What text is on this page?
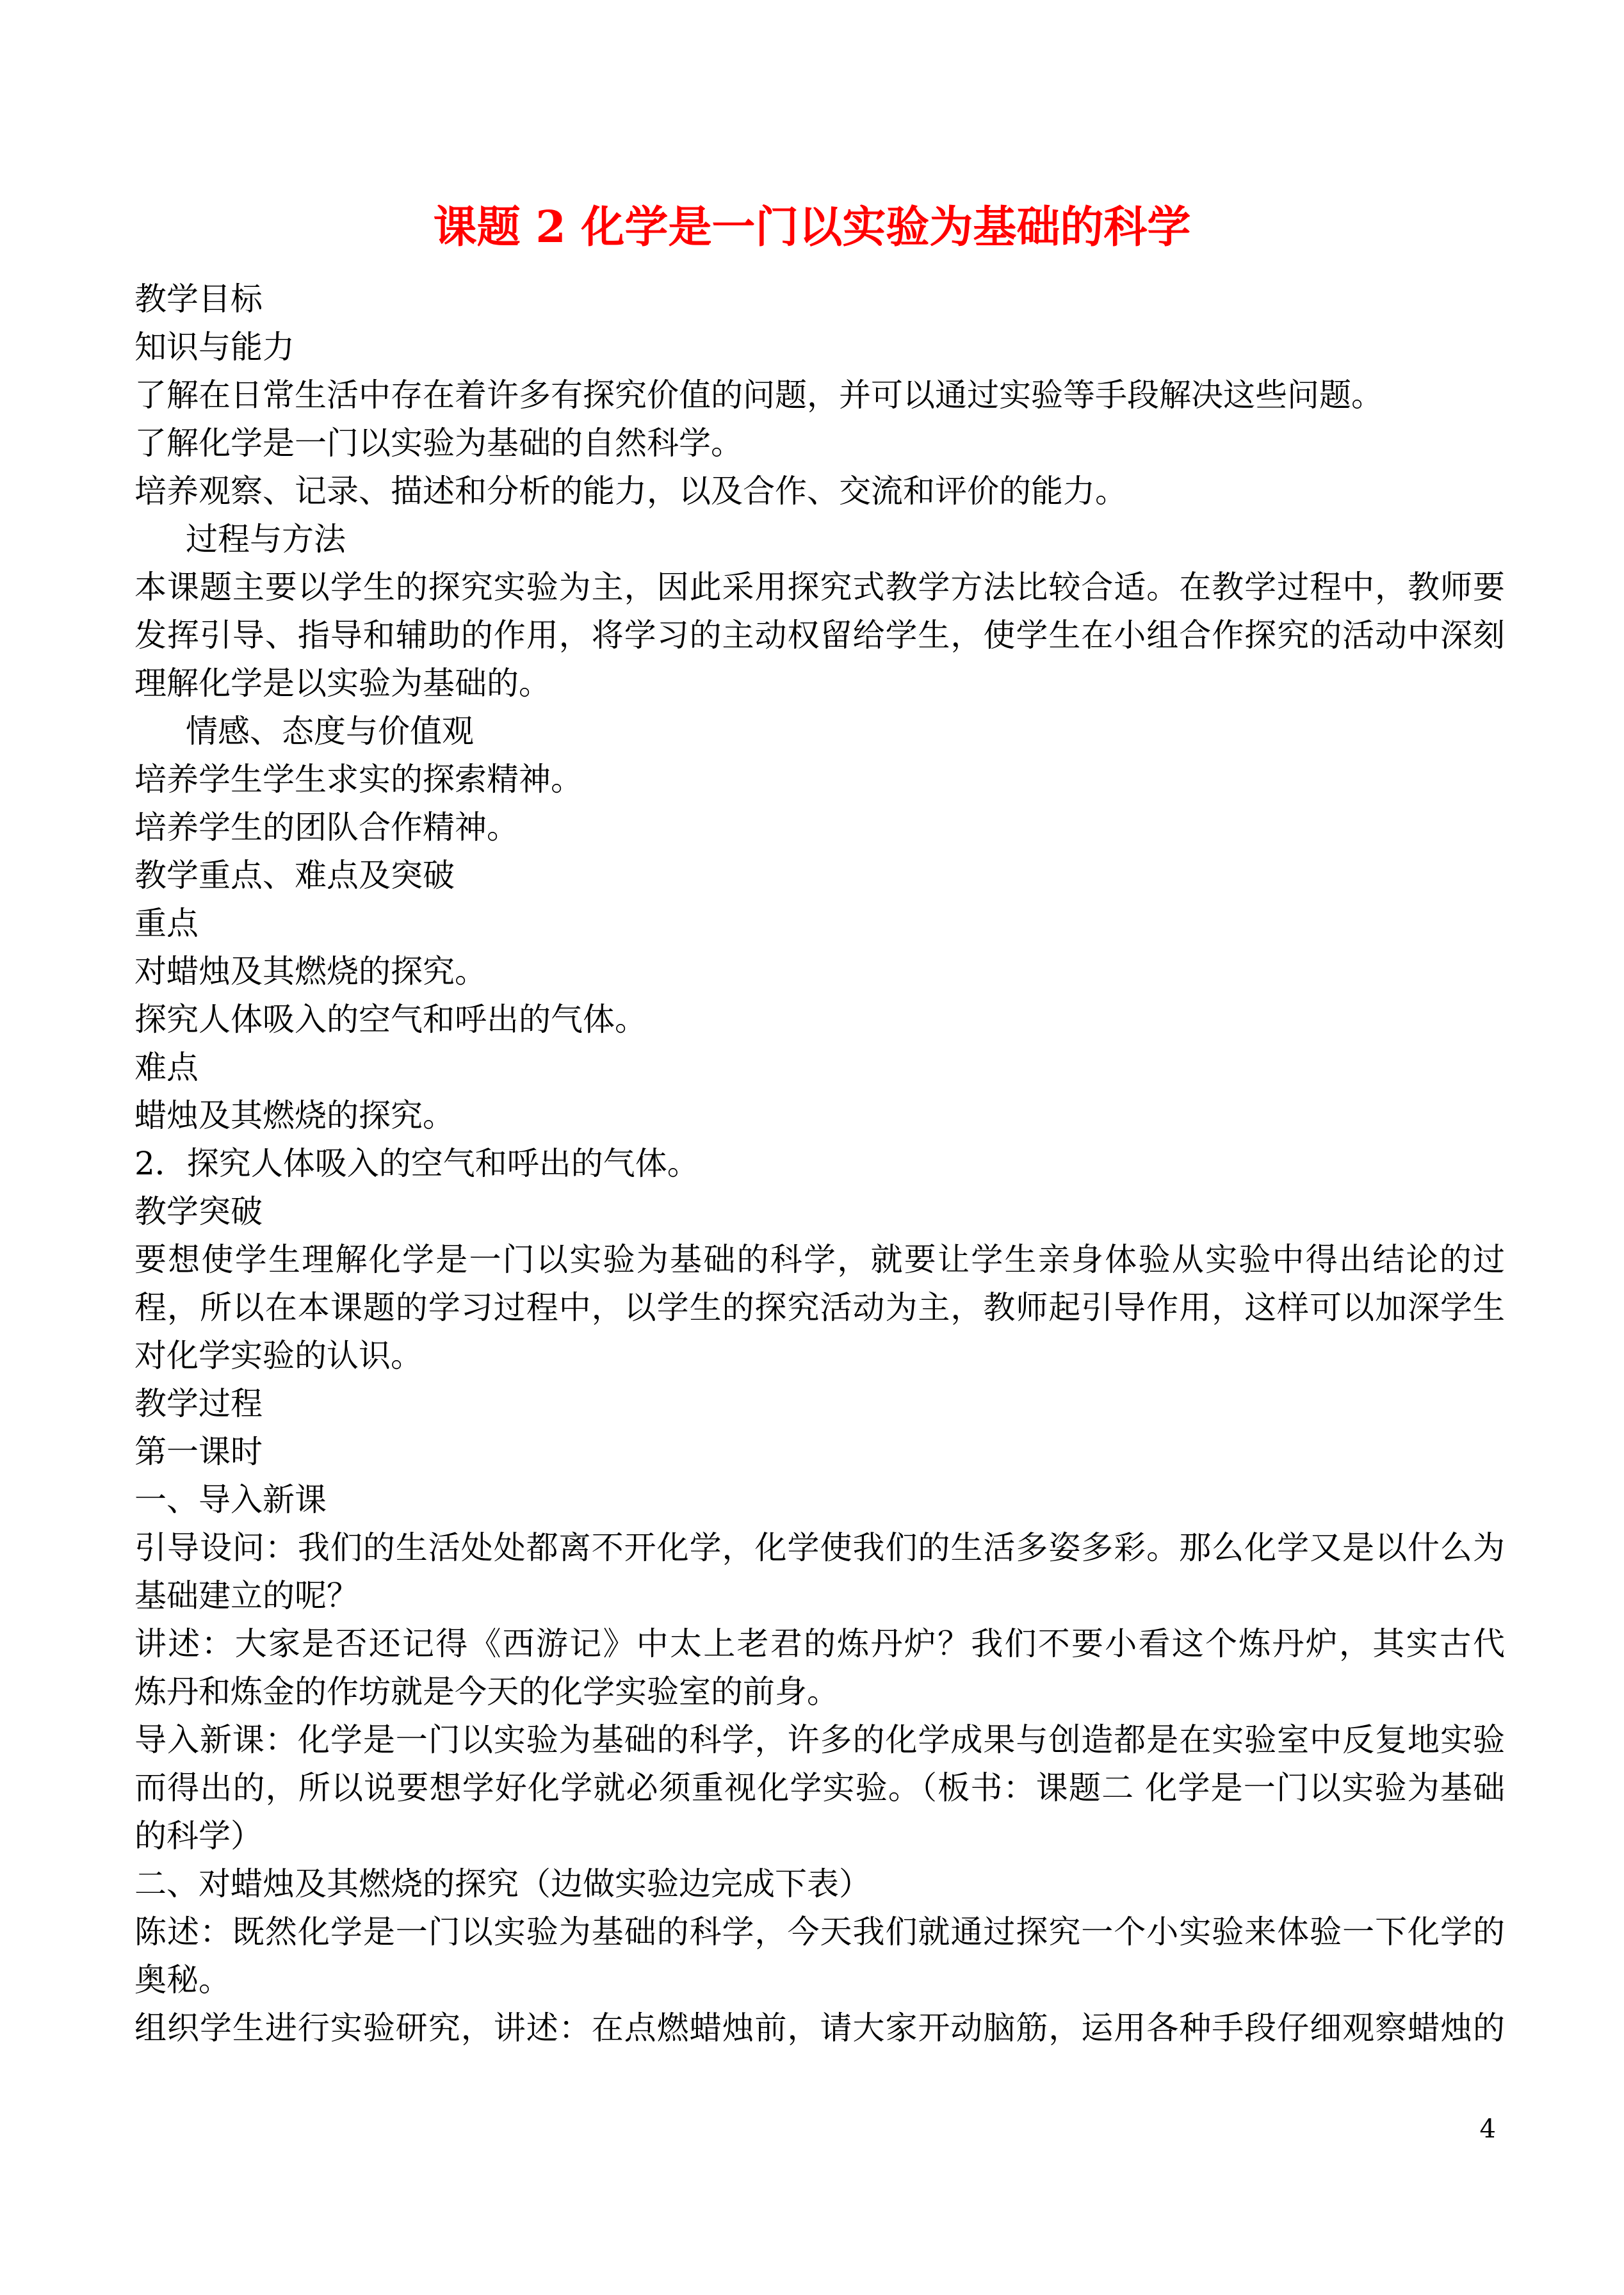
课题 2 化学是一门以实验为基础的科学
教学目标
知识与能力
了解在日常生活中存在着许多有探究价值的问题，并可以通过实验等手段解决这些问题。
了解化学是一门以实验为基础的自然科学。
培养观察、记录、描述和分析的能力，以及合作、交流和评价的能力。
过程与方法
本课题主要以学生的探究实验为主，因此采用探究式教学方法比较合适。在教学过程中，教师要
发挥引导、指导和辅助的作用，将学习的主动权留给学生，使学生在小组合作探究的活动中深刻
理解化学是以实验为基础的。
情感、态度与价值观
培养学生学生求实的探索精神。
培养学生的团队合作精神。
教学重点、难点及突破
重点
对蜡烛及其燃烧的探究。
探究人体吸入的空气和呼出的气体。
难点
蜡烛及其燃烧的探究。
2．探究人体吸入的空气和呼出的气体。
教学突破
要想使学生理解化学是一门以实验为基础的科学，就要让学生亲身体验从实验中得出结论的过
程，所以在本课题的学习过程中，以学生的探究活动为主，教师起引导作用，这样可以加深学生
对化学实验的认识。
教学过程
第一课时
一、导入新课
引导设问：我们的生活处处都离不开化学，化学使我们的生活多姿多彩。那么化学又是以什么为
基础建立的呢？
讲述：大家是否还记得《西游记》中太上老君的炼丹炉？我们不要小看这个炼丹炉，其实古代
炼丹和炼金的作坊就是今天的化学实验室的前身。
导入新课：化学是一门以实验为基础的科学，许多的化学成果与创造都是在实验室中反复地实验
而得出的，所以说要想学好化学就必须重视化学实验。（板书：课题二 化学是一门以实验为基础
的科学）
二、对蜡烛及其燃烧的探究（边做实验边完成下表）
陈述：既然化学是一门以实验为基础的科学，今天我们就通过探究一个小实验来体验一下化学的
奥秘。
组织学生进行实验研究，讲述：在点燃蜡烛前，请大家开动脑筋，运用各种手段仔细观察蜡烛的
4
